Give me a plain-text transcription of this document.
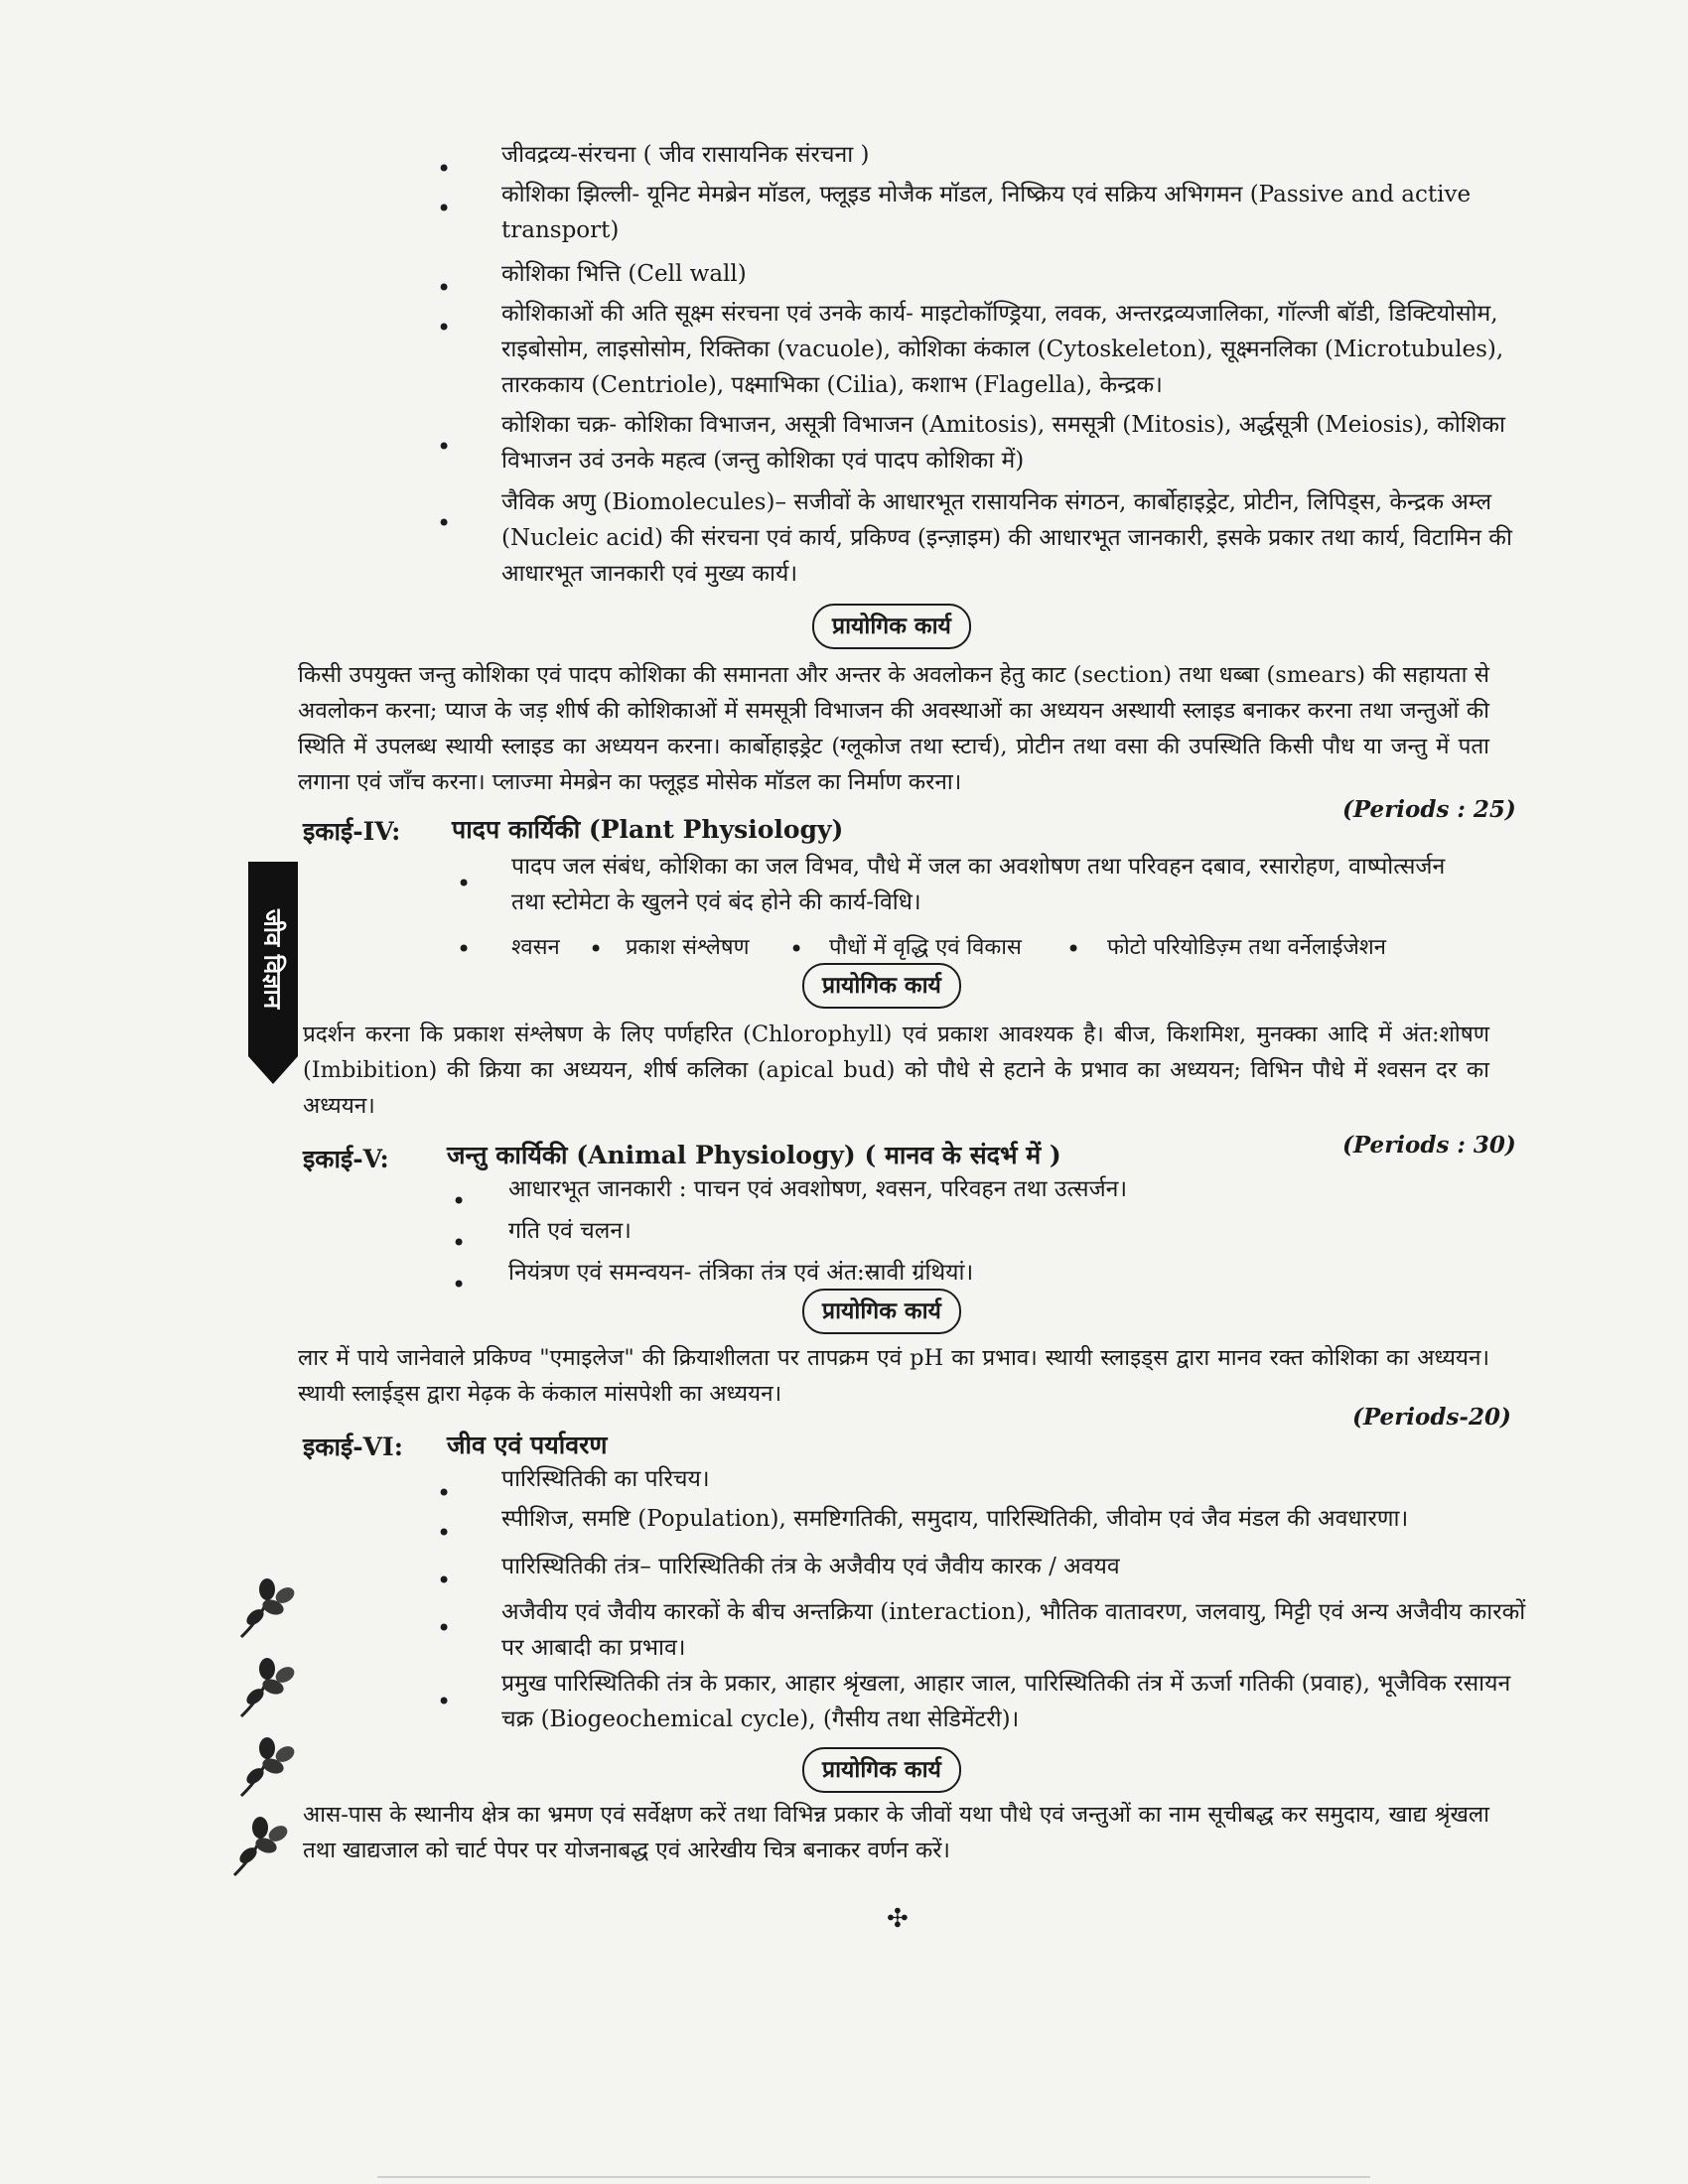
• जीवद्रव्य-संरचना ( जीव रासायनिक संरचना )
• कोशिका झिल्ली- यूनिट मेमब्रेन मॉडल, फ्लूइड मोजैक मॉडल, निष्क्रिय एवं सक्रिय अभिगमन (Passive and active transport)
• कोशिका भित्ति (Cell wall)
• कोशिकाओं की अति सूक्ष्म संरचना एवं उनके कार्य- माइटोकॉण्ड्रिया, लवक, अन्तरद्रव्यजालिका, गॉल्जी बॉडी, डिक्टियोसोम, राइबोसोम, लाइसोसोम, रिक्तिका (vacuole), कोशिका कंकाल (Cytoskeleton), सूक्ष्मनलिका (Microtubules), तारककाय (Centriole), पक्ष्माभिका (Cilia), कशाभ (Flagella), केन्द्रक।
•
कोशिका चक्र- कोशिका विभाजन, असूत्री विभाजन (Amitosis), समसूत्री (Mitosis), अर्द्धसूत्री (Meiosis), कोशिका विभाजन उवं उनके महत्व (जन्तु कोशिका एवं पादप कोशिका में)
•
जैविक अणु (Biomolecules)– सजीवों के आधारभूत रासायनिक संगठन, कार्बोहाइड्रेट, प्रोटीन, लिपिड्स, केन्द्रक अम्ल (Nucleic acid) की संरचना एवं कार्य, प्रकिण्व (इन्ज़ाइम) की आधारभूत जानकारी, इसके प्रकार तथा कार्य, विटामिन की आधारभूत जानकारी एवं मुख्य कार्य।
प्रायोगिक कार्य
किसी उपयुक्त जन्तु कोशिका एवं पादप कोशिका की समानता और अन्तर के अवलोकन हेतु काट (section) तथा धब्बा (smears) की सहायता से अवलोकन करना; प्याज के जड़ शीर्ष की कोशिकाओं में समसूत्री विभाजन की अवस्थाओं का अध्ययन अस्थायी स्लाइड बनाकर करना तथा जन्तुओं की स्थिति में उपलब्ध स्थायी स्लाइड का अध्ययन करना। कार्बोहाइड्रेट (ग्लूकोज तथा स्टार्च), प्रोटीन तथा वसा की उपस्थिति किसी पौध या जन्तु में पता लगाना एवं जाँच करना। प्लाज्मा मेमब्रेन का फ्लूइड मोसेक मॉडल का निर्माण करना।
(Periods : 25)
इकाई-IV: पादप कार्यिकी (Plant Physiology)
•
पादप जल संबंध, कोशिका का जल विभव, पौधे में जल का अवशोषण तथा परिवहन दबाव, रसारोहण, वाष्पोत्सर्जन तथा स्टोमेटा के खुलने एवं बंद होने की कार्य-विधि।
• श्वसन • प्रकाश संश्लेषण • पौधों में वृद्धि एवं विकास • फोटो परियोडिज़्म तथा वर्नेलाईजेशन
जीव विज्ञान	प्रायोगिक कार्य
प्रदर्शन करना कि प्रकाश संश्लेषण के लिए पर्णहरित (Chlorophyll) एवं प्रकाश आवश्यक है। बीज, किशमिश, मुनक्का आदि में अंत:शोषण (Imbibition) की क्रिया का अध्ययन, शीर्ष कलिका (apical bud) को पौधे से हटाने के प्रभाव का अध्ययन; विभिन पौधे में श्वसन दर का अध्ययन।
इकाई-V: जन्तु कार्यिकी (Animal Physiology) ( मानव के संदर्भ में )	(Periods : 30)
• आधारभूत जानकारी : पाचन एवं अवशोषण, श्वसन, परिवहन तथा उत्सर्जन।
• गति एवं चलन।
• नियंत्रण एवं समन्वयन- तंत्रिका तंत्र एवं अंत:स्रावी ग्रंथियां।
प्रायोगिक कार्य
लार में पाये जानेवाले प्रकिण्व "एमाइलेज" की क्रियाशीलता पर तापक्रम एवं pH का प्रभाव। स्थायी स्लाइड्स द्वारा मानव रक्त कोशिका का अध्ययन। स्थायी स्लाईड्स द्वारा मेढ़क के कंकाल मांसपेशी का अध्ययन।
(Periods-20)
इकाई-VI: जीव एवं पर्यावरण
• पारिस्थितिकी का परिचय।
• स्पीशिज, समष्टि (Population), समष्टिगतिकी, समुदाय, पारिस्थितिकी, जीवोम एवं जैव मंडल की अवधारणा।
• पारिस्थितिकी तंत्र– पारिस्थितिकी तंत्र के अजैवीय एवं जैवीय कारक / अवयव
•
अजैवीय एवं जैवीय कारकों के बीच अन्तक्रिया (interaction), भौतिक वातावरण, जलवायु, मिट्टी एवं अन्य अजैवीय कारकों पर आबादी का प्रभाव।
•
प्रमुख पारिस्थितिकी तंत्र के प्रकार, आहार श्रृंखला, आहार जाल, पारिस्थितिकी तंत्र में ऊर्जा गतिकी (प्रवाह), भूजैविक रसायन चक्र (Biogeochemical cycle), (गैसीय तथा सेडिमेंटरी)।
प्रायोगिक कार्य
आस-पास के स्थानीय क्षेत्र का भ्रमण एवं सर्वेक्षण करें तथा विभिन्न प्रकार के जीवों यथा पौधे एवं जन्तुओं का नाम सूचीबद्ध कर समुदाय, खाद्य श्रृंखला तथा खाद्यजाल को चार्ट पेपर पर योजनाबद्ध एवं आरेखीय चित्र बनाकर वर्णन करें।
✣
